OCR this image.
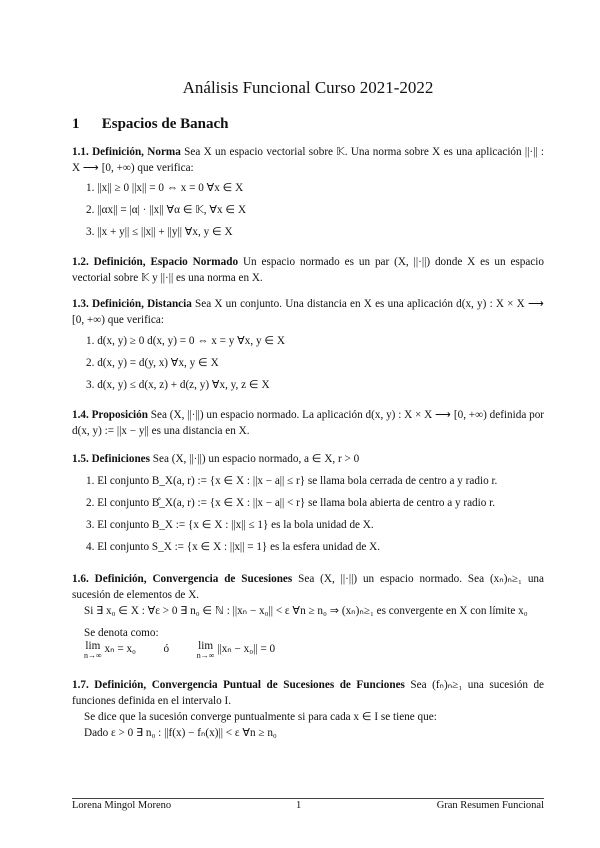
Análisis Funcional Curso 2021-2022
1 Espacios de Banach
1.1. Definición, Norma Sea X un espacio vectorial sobre 𝕂. Una norma sobre X es una aplicación ||·|| : X ⟶ [0, +∞) que verifica:
1. ||x|| ≥ 0 ||x|| = 0 ⇔ x = 0 ∀x ∈ X
2. ||αx|| = |α| · ||x|| ∀α ∈ 𝕂, ∀x ∈ X
3. ||x + y|| ≤ ||x|| + ||y|| ∀x, y ∈ X
1.2. Definición, Espacio Normado Un espacio normado es un par (X, ||·||) donde X es un espacio vectorial sobre 𝕂 y ||·|| es una norma en X.
1.3. Definición, Distancia Sea X un conjunto. Una distancia en X es una aplicación d(x, y) : X × X ⟶ [0, +∞) que verifica:
1. d(x, y) ≥ 0 d(x, y) = 0 ⇔ x = y ∀x, y ∈ X
2. d(x, y) = d(y, x) ∀x, y ∈ X
3. d(x, y) ≤ d(x, z) + d(z, y) ∀x, y, z ∈ X
1.4. Proposición Sea (X, ||·||) un espacio normado. La aplicación d(x, y) : X × X ⟶ [0, +∞) definida por d(x, y) := ||x − y|| es una distancia en X.
1.5. Definiciones Sea (X, ||·||) un espacio normado, a ∈ X, r > 0
1. El conjunto B_X(a, r) := {x ∈ X : ||x − a|| ≤ r} se llama bola cerrada de centro a y radio r.
2. El conjunto B̊_X(a, r) := {x ∈ X : ||x − a|| < r} se llama bola abierta de centro a y radio r.
3. El conjunto B_X := {x ∈ X : ||x|| ≤ 1} es la bola unidad de X.
4. El conjunto S_X := {x ∈ X : ||x|| = 1} es la esfera unidad de X.
1.6. Definición, Convergencia de Sucesiones Sea (X, ||·||) un espacio normado. Sea (xₙ)ₙ≥₁ una sucesión de elementos de X.
Si ∃ x₀ ∈ X : ∀ε > 0 ∃ n₀ ∈ ℕ : ||xₙ − x₀|| < ε ∀n ≥ n₀ ⇒ (xₙ)ₙ≥₁ es convergente en X con límite x₀
Se denota como:
lim
n→∞
xₙ = x₀ ó	lim
n→∞
||xₙ − x₀|| = 0
1.7. Definición, Convergencia Puntual de Sucesiones de Funciones Sea (fₙ)ₙ≥₁ una sucesión de funciones definida en el intervalo I.
Se dice que la sucesión converge puntualmente si para cada x ∈ I se tiene que:
Dado ε > 0 ∃ n₀ : ||f(x) − fₙ(x)|| < ε ∀n ≥ n₀
Lorena Mingol Moreno	1	Gran Resumen Funcional
